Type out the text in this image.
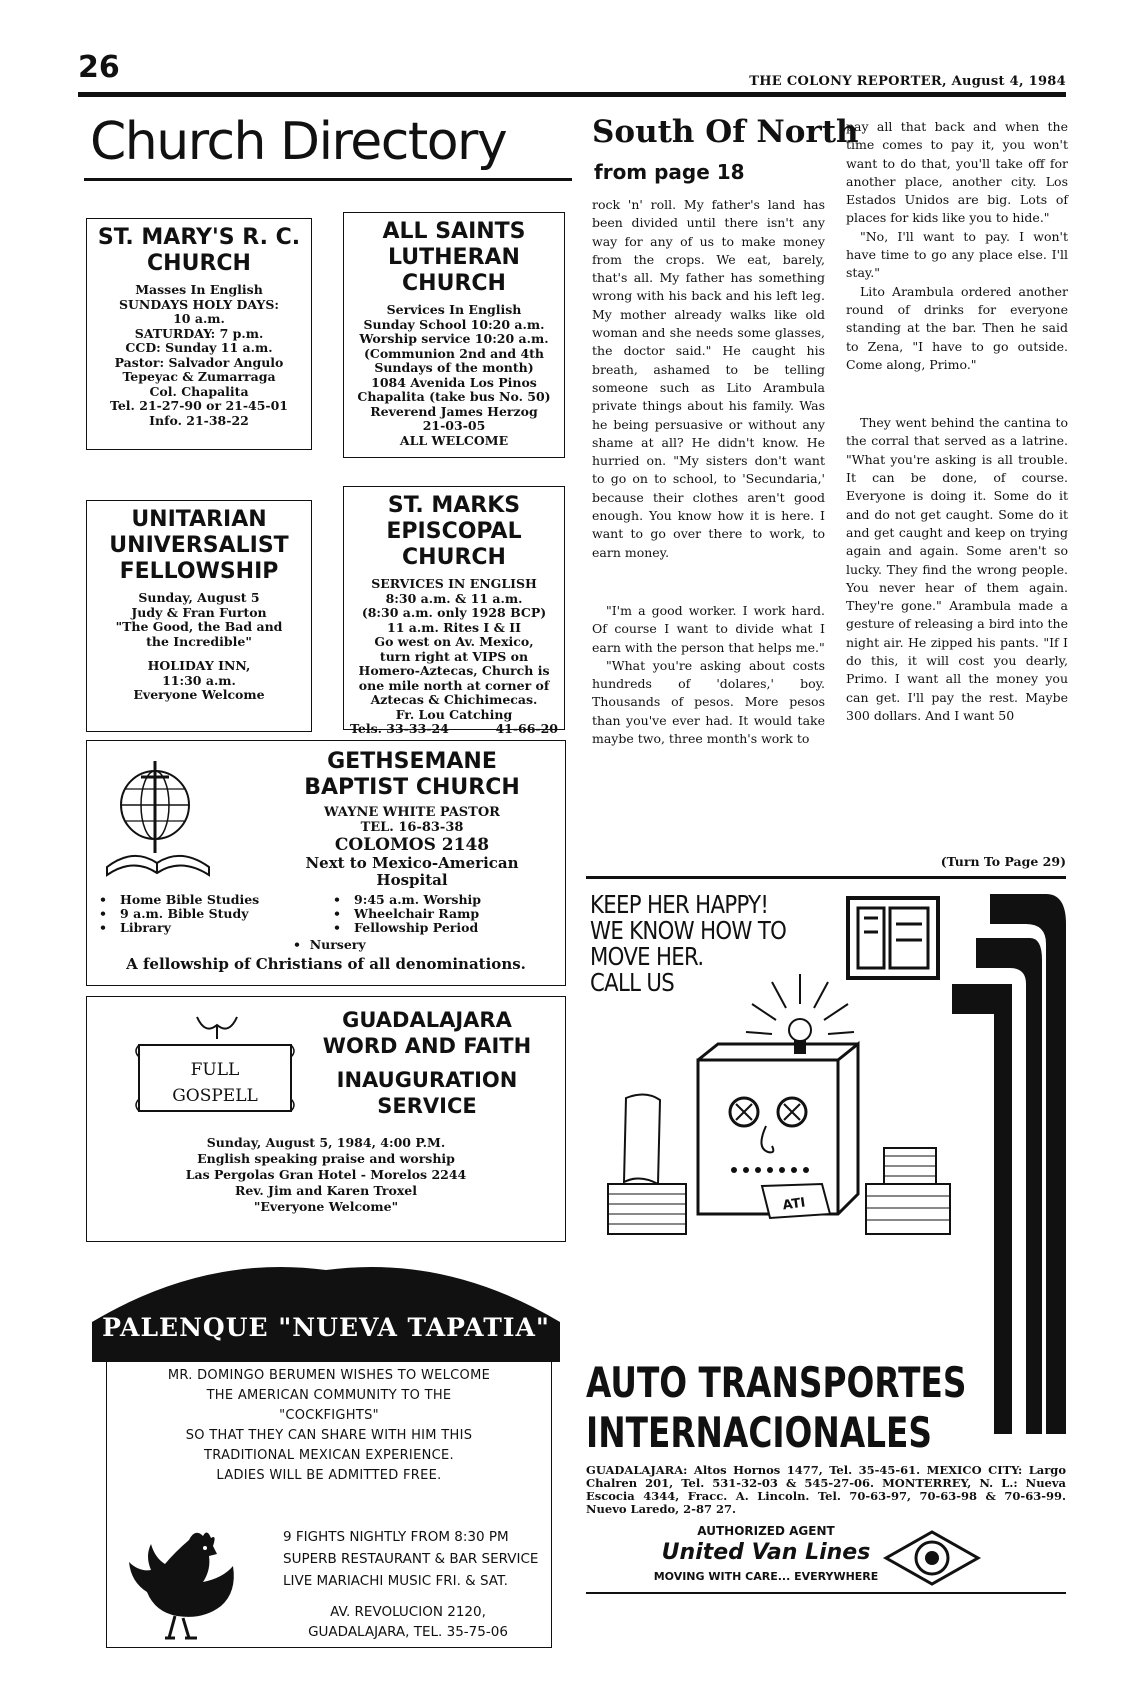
26	THE COLONY REPORTER, August 4, 1984
Church Directory
ST. MARY'S R. C.
CHURCH

Masses In English
SUNDAYS HOLY DAYS:
10 a.m.
SATURDAY: 7 p.m.
CCD: Sunday 11 a.m.
Pastor: Salvador Angulo
Tepeyac & Zumarraga
Col. Chapalita
Tel. 21-27-90 or 21-45-01
Info. 21-38-22

ALL SAINTS
LUTHERAN
CHURCH

Services In English
Sunday School 10:20 a.m.
Worship service 10:20 a.m.
(Communion 2nd and 4th
Sundays of the month)
1084 Avenida Los Pinos
Chapalita (take bus No. 50)
Reverend James Herzog
21-03-05
ALL WELCOME

UNITARIAN
UNIVERSALIST
FELLOWSHIP

Sunday, August 5
Judy & Fran Furton
"The Good, the Bad and
the Incredible"

HOLIDAY INN,
11:30 a.m.
Everyone Welcome

ST. MARKS
EPISCOPAL
CHURCH

SERVICES IN ENGLISH
8:30 a.m. & 11 a.m.
(8:30 a.m. only 1928 BCP)
11 a.m. Rites I & II
Go west on Av. Mexico,
turn right at VIPS on
Homero-Aztecas, Church is
one mile north at corner of
Aztecas & Chichimecas.
Fr. Lou Catching
Tels. 33-33-24	41-66-20

GETHSEMANE
BAPTIST CHURCH
WAYNE WHITE PASTOR
TEL. 16-83-38
COLOMOS 2148
Next to Mexico-American
Hospital
•   Home Bible Studies
•   9 a.m. Bible Study
•   Library
•   9:45 a.m. Worship
•   Wheelchair Ramp
•   Fellowship Period
•  Nursery
A fellowship of Christians of all denominations.
FULL
GOSPELL
GUADALAJARA
WORD AND FAITH
INAUGURATION
SERVICE
Sunday, August 5, 1984, 4:00 P.M.
English speaking praise and worship
Las Pergolas Gran Hotel - Morelos 2244
Rev. Jim and Karen Troxel
"Everyone Welcome"
PALENQUE "NUEVA TAPATIA"
MR. DOMINGO BERUMEN WISHES TO WELCOME
THE AMERICAN COMMUNITY TO THE
"COCKFIGHTS"
SO THAT THEY CAN SHARE WITH HIM THIS
TRADITIONAL MEXICAN EXPERIENCE.
LADIES WILL BE ADMITTED FREE.
9 FIGHTS NIGHTLY FROM 8:30 PM
SUPERB RESTAURANT & BAR SERVICE
LIVE MARIACHI MUSIC FRI. & SAT.
AV. REVOLUCION 2120,
GUADALAJARA, TEL. 35-75-06
South Of North
from page 18

rock 'n' roll. My father's land has been divided until there isn't any way for any of us to make money from the crops. We eat, barely, that's all. My father has something wrong with his back and his left leg. My mother already walks like old woman and she needs some glasses, the doctor said." He caught his breath, ashamed to be telling someone such as Lito Arambula private things about his family. Was he being persuasive or without any shame at all? He didn't know. He hurried on. "My sisters don't want to go on to school, to 'Secundaria,' because their clothes aren't good enough. You know how it is here. I want to go over there to work, to earn money.

"I'm a good worker. I work hard. Of course I want to divide what I earn with the person that helps me."

"What you're asking about costs hundreds of 'dolares,' boy. Thousands of pesos. More pesos than you've ever had. It would take maybe two, three month's work to

pay all that back and when the time comes to pay it, you won't want to do that, you'll take off for another place, another city. Los Estados Unidos are big. Lots of places for kids like you to hide."

"No, I'll want to pay. I won't have time to go any place else. I'll stay."

Lito Arambula ordered another round of drinks for everyone standing at the bar. Then he said to Zena, "I have to go outside. Come along, Primo."

They went behind the cantina to the corral that served as a latrine. "What you're asking is all trouble. It can be done, of course. Everyone is doing it. Some do it and do not get caught. Some do it and get caught and keep on trying again and again. Some aren't so lucky. They find the wrong people. You never hear of them again. They're gone." Arambula made a gesture of releasing a bird into the night air. He zipped his pants. "If I do this, it will cost you dearly, Primo. I want all the money you can get. I'll pay the rest. Maybe 300 dollars. And I want 50

(Turn To Page 29)
KEEP HER HAPPY!
WE KNOW HOW TO
MOVE HER.
CALL US
ATI
AUTO TRANSPORTES
INTERNACIONALES
GUADALAJARA: Altos Hornos 1477, Tel. 35-45-61. MEXICO CITY: Largo Chalren 201, Tel. 531-32-03 & 545-27-06. MONTERREY, N. L.: Nueva Escocia 4344, Fracc. A. Lincoln. Tel. 70-63-97, 70-63-98 & 70-63-99. Nuevo Laredo, 2-87 27.
AUTHORIZED AGENT
United Van Lines
MOVING WITH CARE... EVERYWHERE
